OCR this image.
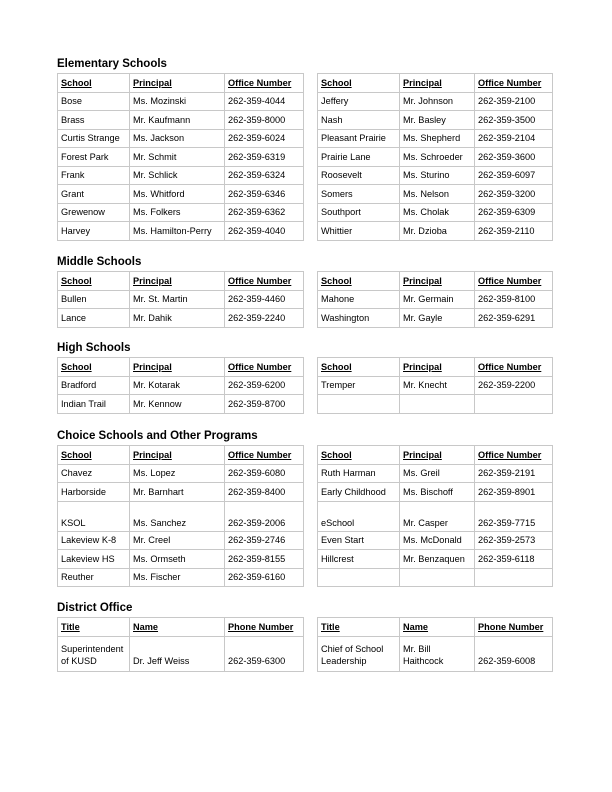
Elementary Schools
School	Principal	Office Number
Bose	Ms. Mozinski	262-359-4044
Brass	Mr. Kaufmann	262-359-8000
Curtis Strange	Ms. Jackson	262-359-6024
Forest Park	Mr. Schmit	262-359-6319
Frank	Mr. Schlick	262-359-6324
Grant	Ms. Whitford	262-359-6346
Grewenow	Ms. Folkers	262-359-6362
Harvey	Ms. Hamilton-Perry	262-359-4040
School	Principal	Office Number
Jeffery	Mr. Johnson	262-359-2100
Nash	Mr. Basley	262-359-3500
Pleasant Prairie	Ms. Shepherd	262-359-2104
Prairie Lane	Ms. Schroeder	262-359-3600
Roosevelt	Ms. Sturino	262-359-6097
Somers	Ms. Nelson	262-359-3200
Southport	Ms. Cholak	262-359-6309
Whittier	Mr. Dzioba	262-359-2110
Middle Schools
School	Principal	Office Number
Bullen	Mr. St. Martin	262-359-4460
Lance	Mr. Dahik	262-359-2240
School	Principal	Office Number
Mahone	Mr. Germain	262-359-8100
Washington	Mr. Gayle	262-359-6291
High Schools
School	Principal	Office Number
Bradford	Mr. Kotarak	262-359-6200
Indian Trail	Mr. Kennow	262-359-8700
School	Principal	Office Number
Tremper	Mr. Knecht	262-359-2200

Choice Schools and Other Programs
School	Principal	Office Number
Chavez	Ms. Lopez	262-359-6080
Harborside	Mr. Barnhart	262-359-8400
KSOL	Ms. Sanchez	262-359-2006
Lakeview K-8	Mr. Creel	262-359-2746
Lakeview HS	Ms. Ormseth	262-359-8155
Reuther	Ms. Fischer	262-359-6160
School	Principal	Office Number
Ruth Harman	Ms. Greil	262-359-2191
Early Childhood	Ms. Bischoff	262-359-8901
eSchool	Mr. Casper	262-359-7715
Even Start	Ms. McDonald	262-359-2573
Hillcrest	Mr. Benzaquen	262-359-6118

District Office
Title	Name	Phone Number
Superintendent of KUSD	Dr. Jeff Weiss	262-359-6300
Title	Name	Phone Number
Chief of School Leadership	Mr. Bill Haithcock	262-359-6008
